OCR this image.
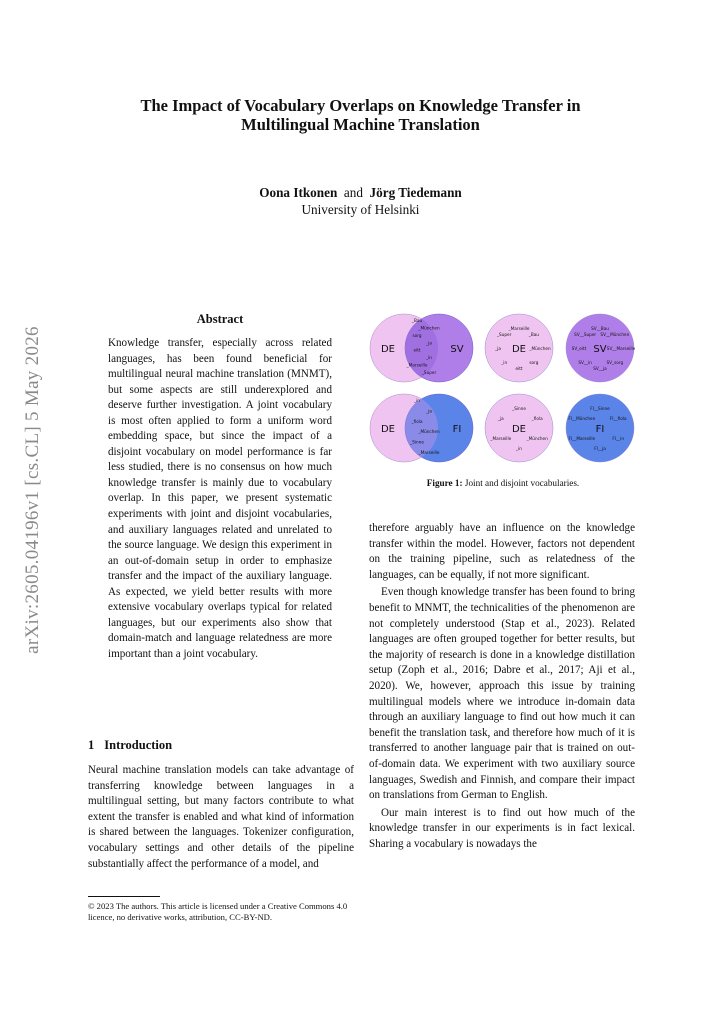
arXiv:2605.04196v1 [cs.CL] 5 May 2026
The Impact of Vocabulary Overlaps on Knowledge Transfer in
Multilingual Machine Translation
Oona Itkonen and Jörg Tiedemann
University of Helsinki
Abstract
Knowledge transfer, especially across related languages, has been found beneficial for multilingual neural machine translation (MNMT), but some aspects are still underexplored and deserve further investigation. A joint vocabulary is most often applied to form a uniform word embedding space, but since the impact of a disjoint vocabulary on model performance is far less studied, there is no consensus on how much knowledge transfer is mainly due to vocabulary overlap. In this paper, we present systematic experiments with joint and disjoint vocabularies, and auxiliary languages related and unrelated to the source language. We design this experiment in an out-of-domain setup in order to emphasize transfer and the impact of the auxiliary language. As expected, we yield better results with more extensive vocabulary overlaps typical for related languages, but our experiments also show that domain-match and language relatedness are more important than a joint vocabulary.
1 Introduction

Neural machine translation models can take advantage of transferring knowledge between languages in a multilingual setting, but many factors contribute to what extent the transfer is enabled and what kind of information is shared between the languages. Tokenizer configuration, vocabulary settings and other details of the pipeline substantially affect the performance of a model, and

© 2023 The authors. This article is licensed under a Creative Commons 4.0 licence, no derivative works, attribution, CC-BY-ND.
DE	SV
_Bau
_München
sorg
_ja
eitt
_in
_Marseille
_Super
DE	FI
_in
_ja
_fiola
_München
_Sinne
_Marseille
DE
_Marseille
_Bau
_München
sorg
eitt
_in
_ja
_Super
SV
SV__Bau
SV__München
SV__Marseille
SV_sorg
SV__ja
SV__in
SV_eitt
SV__Super
DE
_Sinne
_fiola
_München
_in
_Marseille
_ja
FI
FI__Sinne
FI__fiola
FI__in
FI__ja
FI__Marseille
FI__München
Figure 1: Joint and disjoint vocabularies.

therefore arguably have an influence on the knowledge transfer within the model. However, factors not dependent on the training pipeline, such as relatedness of the languages, can be equally, if not more significant.

Even though knowledge transfer has been found to bring benefit to MNMT, the technicalities of the phenomenon are not completely understood (Stap et al., 2023). Related languages are often grouped together for better results, but the majority of research is done in a knowledge distillation setup (Zoph et al., 2016; Dabre et al., 2017; Aji et al., 2020). We, however, approach this issue by training multilingual models where we introduce in-domain data through an auxiliary language to find out how much it can benefit the translation task, and therefore how much of it is transferred to another language pair that is trained on out-of-domain data. We experiment with two auxiliary source languages, Swedish and Finnish, and compare their impact on translations from German to English.

Our main interest is to find out how much of the knowledge transfer in our experiments is in fact lexical. Sharing a vocabulary is nowadays the
